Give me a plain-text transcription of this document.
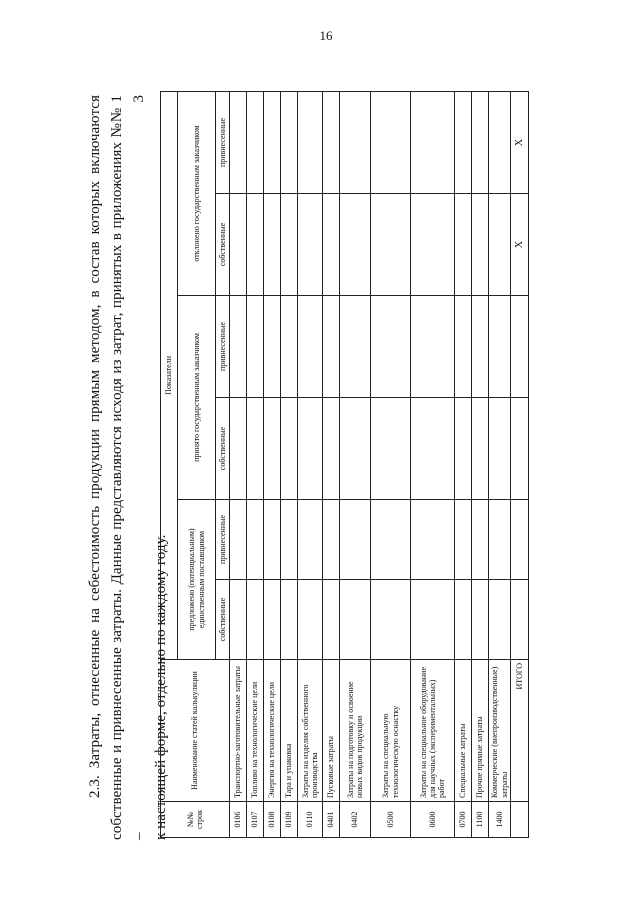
16

2.3. Затраты, отнесенные на себестоимость продукции прямым методом, в состав которых включаются собственные и привнесенные затраты. Данные представляются исходя из затрат, принятых в приложениях №№ 1 – 3 к настоящей форме, отдельно по каждому году.	№№ строк	Наименование статей калькуляции	Показатели					
		предложено (потенциальным) единственным поставщиком		принято государственным заказчиком		отклонено государственным заказчиком	
		собственные	привнесенные	собственные	привнесенные	собственные	привнесенные
0106	Транспортно-заготовительные затраты						
0107	Топливо на технологические цели						
0108	Энергия на технологические цели						
0109	Тара и упаковка						
0110	Затраты на изделия собственного производства						
0401	Пусковые затраты						
0402	Затраты на подготовку и освоение новых видов продукции						
0500	Затраты на специальную технологическую оснастку						
0600	Затраты на специальное оборудование для научных (экспериментальных) работ						
0700	Специальные затраты						
1100	Прочие прямые затраты						
1400	Коммерческие (внепроизводственные) затраты						
	ИТОГО					X	X
